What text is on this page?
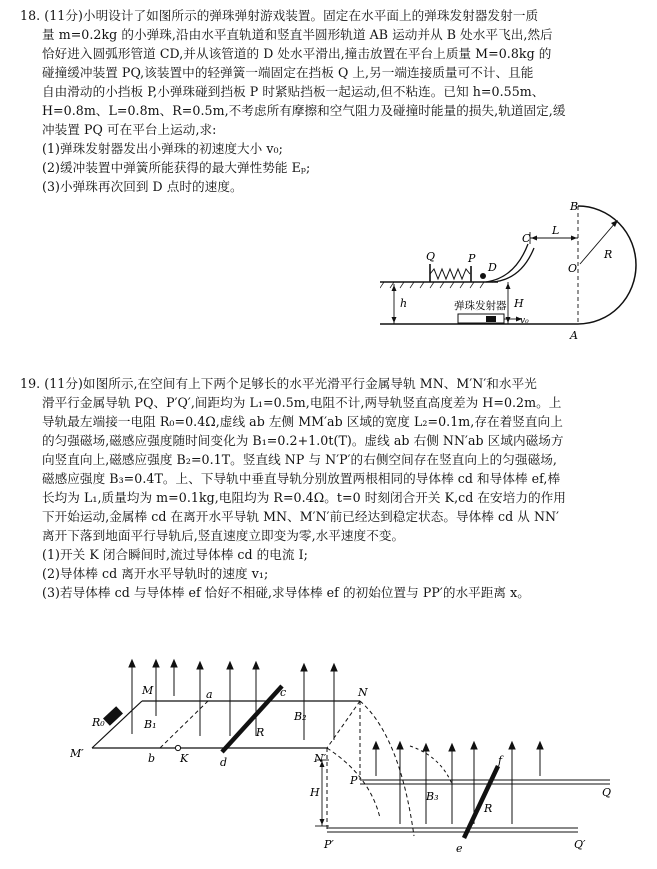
18. (11分)小明设计了如图所示的弹珠弹射游戏装置。固定在水平面上的弹珠发射器发射一质
量 m=0.2kg 的小弹珠,沿由水平直轨道和竖直半圆形轨道 AB 运动并从 B 处水平飞出,然后
恰好进入圆弧形管道 CD,并从该管道的 D 处水平滑出,撞击放置在平台上质量 M=0.8kg 的
碰撞缓冲装置 PQ,该装置中的轻弹簧一端固定在挡板 Q 上,另一端连接质量可不计、且能
自由滑动的小挡板 P,小弹珠碰到挡板 P 时紧贴挡板一起运动,但不粘连。已知 h=0.55m、
H=0.8m、L=0.8m、R=0.5m,不考虑所有摩擦和空气阻力及碰撞时能量的损失,轨道固定,缓
冲装置 PQ 可在平台上运动,求:
(1)弹珠发射器发出小弹珠的初速度大小 v₀;
(2)缓冲装置中弹簧所能获得的最大弹性势能 Eₚ;
(3)小弹珠再次回到 D 点时的速度。
B
L
Q	P
D
C
O
R
H
h
A
v₀
弹珠发射器
19. (11分)如图所示,在空间有上下两个足够长的水平光滑平行金属导轨 MN、M′N′和水平光
滑平行金属导轨 PQ、P′Q′,间距均为 L₁=0.5m,电阻不计,两导轨竖直高度差为 H=0.2m。上
导轨最左端接一电阻 R₀=0.4Ω,虚线 ab 左侧 MM′ab 区域的宽度 L₂=0.1m,存在着竖直向上
的匀强磁场,磁感应强度随时间变化为 B₁=0.2+1.0t(T)。虚线 ab 右侧 NN′ab 区域内磁场方
向竖直向上,磁感应强度 B₂=0.1T。竖直线 NP 与 N′P′的右侧空间存在竖直向上的匀强磁场,
磁感应强度 B₃=0.4T。上、下导轨中垂直导轨分别放置两根相同的导体棒 cd 和导体棒 ef,棒
长均为 L₁,质量均为 m=0.1kg,电阻均为 R=0.4Ω。t=0 时刻闭合开关 K,cd 在安培力的作用
下开始运动,金属棒 cd 在离开水平导轨 MN、M′N′前已经达到稳定状态。导体棒 cd 从 NN′
离开下落到地面平行导轨后,竖直速度立即变为零,水平速度不变。
(1)开关 K 闭合瞬间时,流过导体棒 cd 的电流 I;
(2)导体棒 cd 离开水平导轨时的速度 v₁;
(3)若导体棒 cd 与导体棒 ef 恰好不相碰,求导体棒 ef 的初始位置与 PP′的水平距离 x。
M
M′
R₀	B₁
a
b K
c
d
R
B₂
N
N′
P
H
P′
B₃
f
R
e
Q
Q′
